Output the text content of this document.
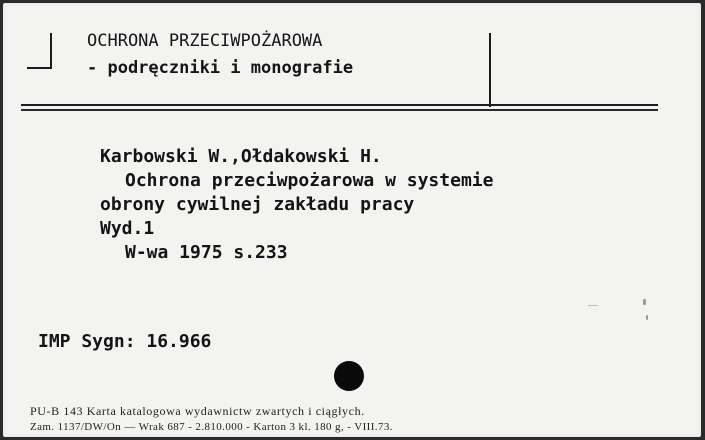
OCHRONA PRZECIWPOŻAROWA
- podręczniki i monografie
Karbowski W.,Ołdakowski H.
Ochrona przeciwpożarowa w systemie
obrony cywilnej zakładu pracy
Wyd.1
W-wa 1975 s.233
IMP Sygn: 16.966
PU-B 143 Karta katalogowa wydawnictw zwartych i ciągłych.
Zam. 1137/DW/On — Wrak 687 - 2.810.000 - Karton 3 kl. 180 g, - VIII.73.
